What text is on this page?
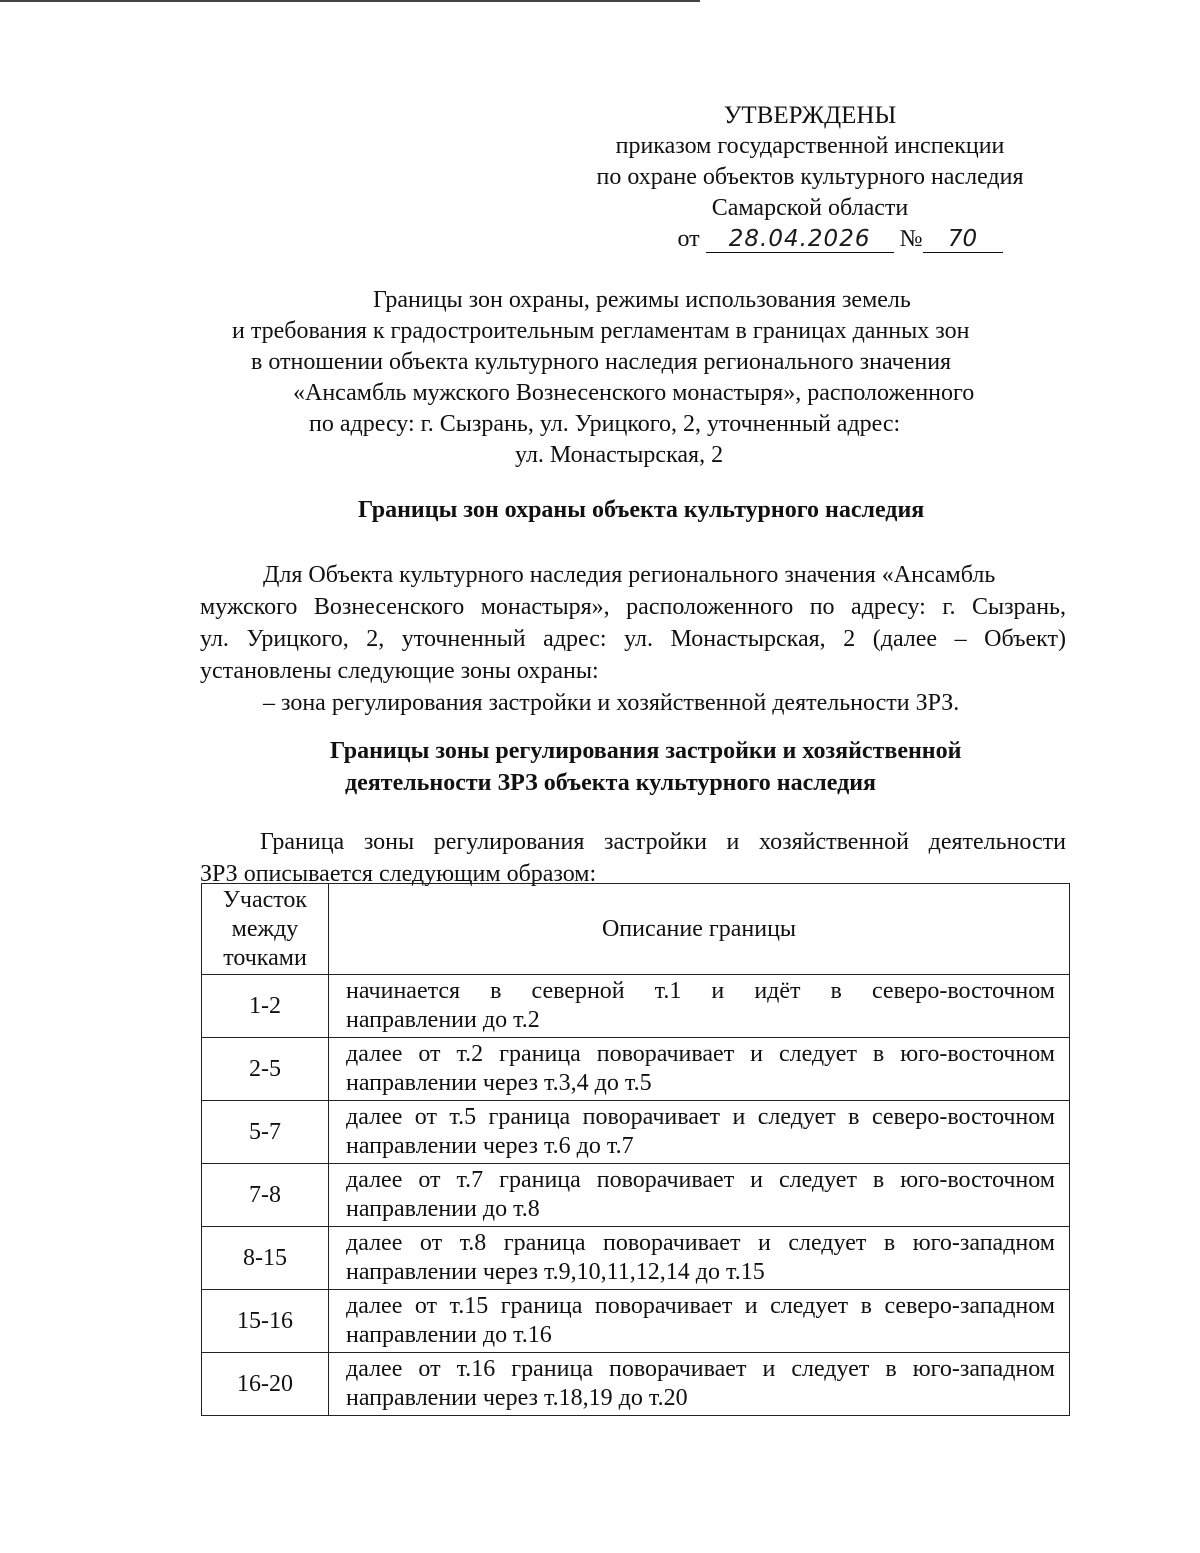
УТВЕРЖДЕНЫ
приказом государственной инспекции
по охране объектов культурного наследия
Самарской области
от 28.04.2026 № 70
Границы зон охраны, режимы использования земель
и требования к градостроительным регламентам в границах данных зон
в отношении объекта культурного наследия регионального значения
«Ансамбль мужского Вознесенского монастыря», расположенного
по адресу: г. Сызрань, ул. Урицкого, 2, уточненный адрес:
ул. Монастырская, 2
Границы зон охраны объекта культурного наследия
Для Объекта культурного наследия регионального значения «Ансамбль
мужского Вознесенского монастыря», расположенного по адресу: г. Сызрань,
ул. Урицкого, 2, уточненный адрес: ул. Монастырская, 2 (далее – Объект)
установлены следующие зоны охраны:
– зона регулирования застройки и хозяйственной деятельности ЗРЗ.
Границы зоны регулирования застройки и хозяйственной
деятельности ЗРЗ объекта культурного наследия
Граница зоны регулирования застройки и хозяйственной деятельности
ЗРЗ описывается следующим образом:
Участок
между
точками	Описание границы
1-2	начинается в северной т.1 и идёт в северо-восточном
направлении до т.2

2-5	далее от т.2 граница поворачивает и следует в юго-восточном
направлении через т.3,4 до т.5

5-7	далее от т.5 граница поворачивает и следует в северо-восточном
направлении через т.6 до т.7

7-8	далее от т.7 граница поворачивает и следует в юго-восточном
направлении до т.8

8-15	далее от т.8 граница поворачивает и следует в юго-западном
направлении через т.9,10,11,12,14 до т.15

15-16	далее от т.15 граница поворачивает и следует в северо-западном
направлении до т.16

16-20	далее от т.16 граница поворачивает и следует в юго-западном
направлении через т.18,19 до т.20
